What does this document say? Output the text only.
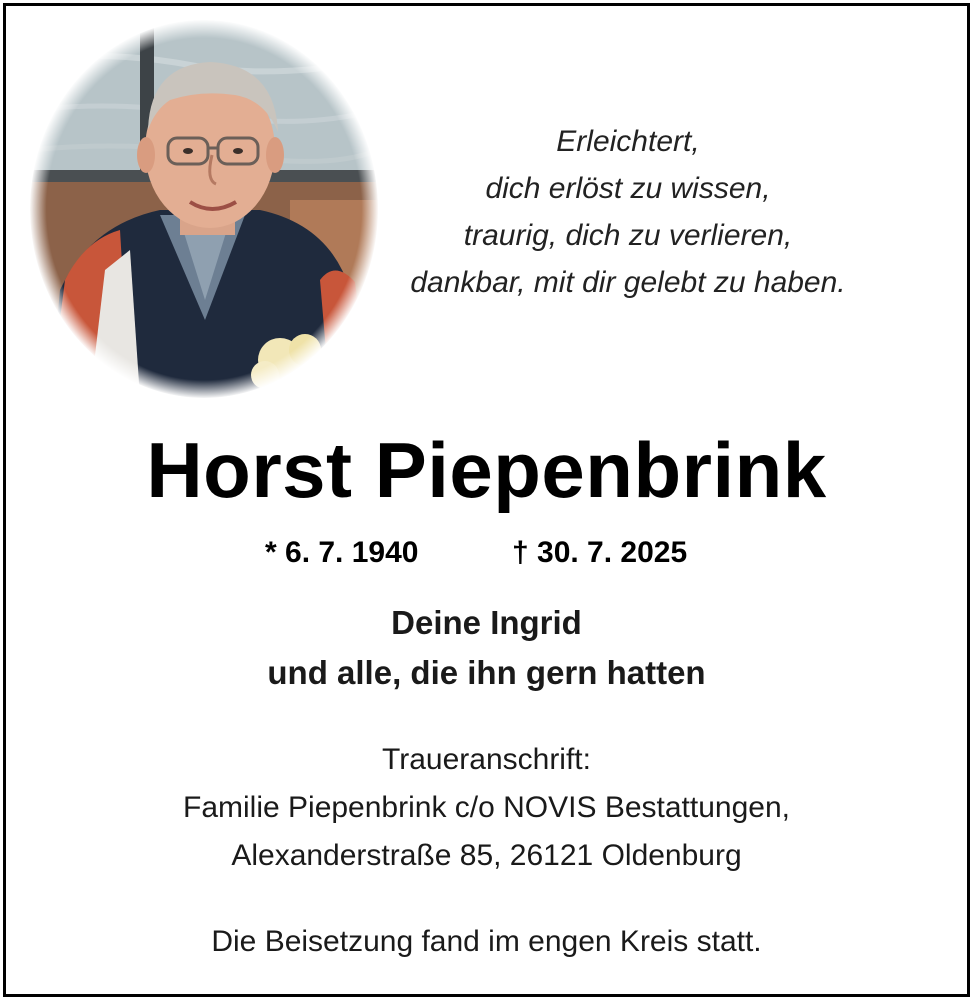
Erleichtert,
dich erlöst zu wissen,
traurig, dich zu verlieren,
dankbar, mit dir gelebt zu haben.
Horst Piepenbrink
* 6. 7. 1940	† 30. 7. 2025
Deine Ingrid
und alle, die ihn gern hatten
Traueranschrift:
Familie Piepenbrink c/o NOVIS Bestattungen,
Alexanderstraße 85, 26121 Oldenburg
Die Beisetzung fand im engen Kreis statt.
